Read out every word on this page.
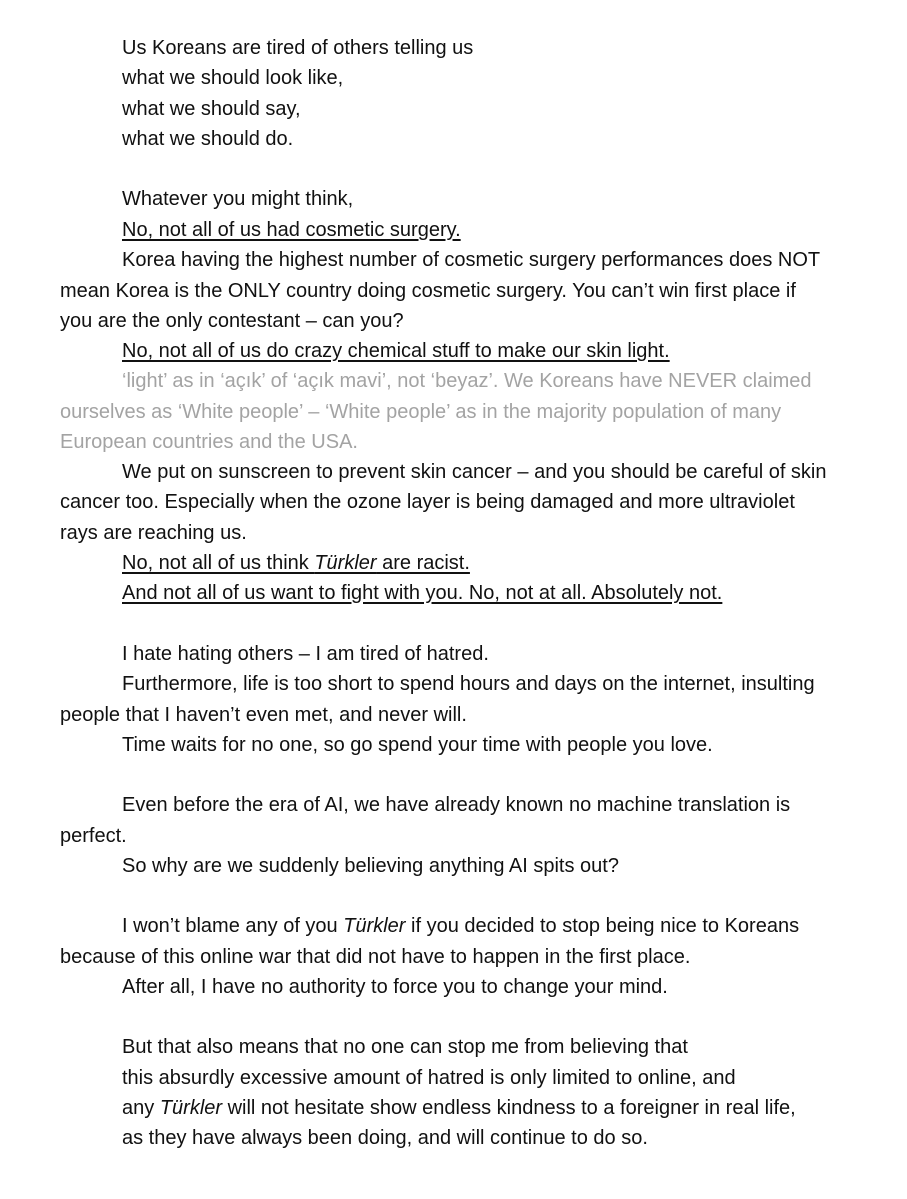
Us Koreans are tired of others telling us
what we should look like,
what we should say,
what we should do.
Whatever you might think,
No, not all of us had cosmetic surgery.
Korea having the highest number of cosmetic surgery performances does NOT
mean Korea is the ONLY country doing cosmetic surgery. You can’t win first place if
you are the only contestant – can you?
No, not all of us do crazy chemical stuff to make our skin light.
‘light’ as in ‘açık’ of ‘açık mavi’, not ‘beyaz’. We Koreans have NEVER claimed
ourselves as ‘White people’ – ‘White people’ as in the majority population of many
European countries and the USA.
We put on sunscreen to prevent skin cancer – and you should be careful of skin
cancer too. Especially when the ozone layer is being damaged and more ultraviolet
rays are reaching us.
No, not all of us think Türkler are racist.
And not all of us want to fight with you. No, not at all. Absolutely not.
I hate hating others – I am tired of hatred.
Furthermore, life is too short to spend hours and days on the internet, insulting
people that I haven’t even met, and never will.
Time waits for no one, so go spend your time with people you love.
Even before the era of AI, we have already known no machine translation is
perfect.
So why are we suddenly believing anything AI spits out?
I won’t blame any of you Türkler if you decided to stop being nice to Koreans
because of this online war that did not have to happen in the first place.
After all, I have no authority to force you to change your mind.
But that also means that no one can stop me from believing that
this absurdly excessive amount of hatred is only limited to online, and
any Türkler will not hesitate show endless kindness to a foreigner in real life,
as they have always been doing, and will continue to do so.
